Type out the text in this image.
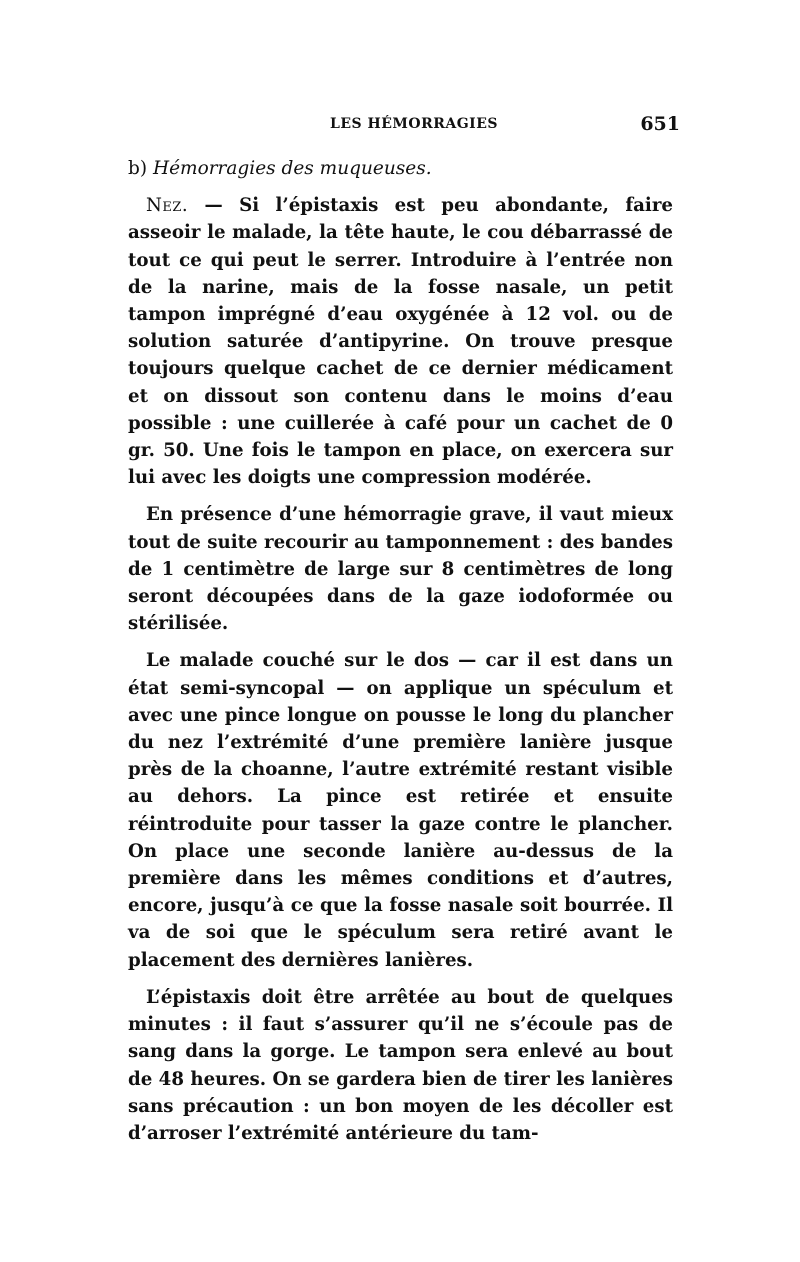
LES HÉMORRAGIES	651

b) Hémorragies des muqueuses.

Nez. — Si l’épistaxis est peu abondante, faire asseoir le malade, la tête haute, le cou débarrassé de tout ce qui peut le serrer. Introduire à l’entrée non de la narine, mais de la fosse nasale, un petit tampon imprégné d’eau oxygénée à 12 vol. ou de solution saturée d’antipyrine. On trouve presque toujours quelque cachet de ce dernier médicament et on dissout son contenu dans le moins d’eau possible : une cuillerée à café pour un cachet de 0 gr. 50. Une fois le tampon en place, on exercera sur lui avec les doigts une compression modérée.

En présence d’une hémorragie grave, il vaut mieux tout de suite recourir au tamponnement : des bandes de 1 centimètre de large sur 8 centimètres de long seront découpées dans de la gaze iodoformée ou stérilisée.

Le malade couché sur le dos — car il est dans un état semi-syncopal — on applique un spéculum et avec une pince longue on pousse le long du plancher du nez l’extrémité d’une première lanière jusque près de la choanne, l’autre extrémité restant visible au dehors. La pince est retirée et ensuite réintroduite pour tasser la gaze contre le plancher. On place une seconde lanière au-dessus de la première dans les mêmes conditions et d’autres, encore, jusqu’à ce que la fosse nasale soit bourrée. Il va de soi que le spéculum sera retiré avant le placement des dernières lanières.

L’épistaxis doit être arrêtée au bout de quelques minutes : il faut s’assurer qu’il ne s’écoule pas de sang dans la gorge. Le tampon sera enlevé au bout de 48 heures. On se gardera bien de tirer les lanières sans précaution : un bon moyen de les décoller est d’arroser l’extrémité antérieure du tam-
